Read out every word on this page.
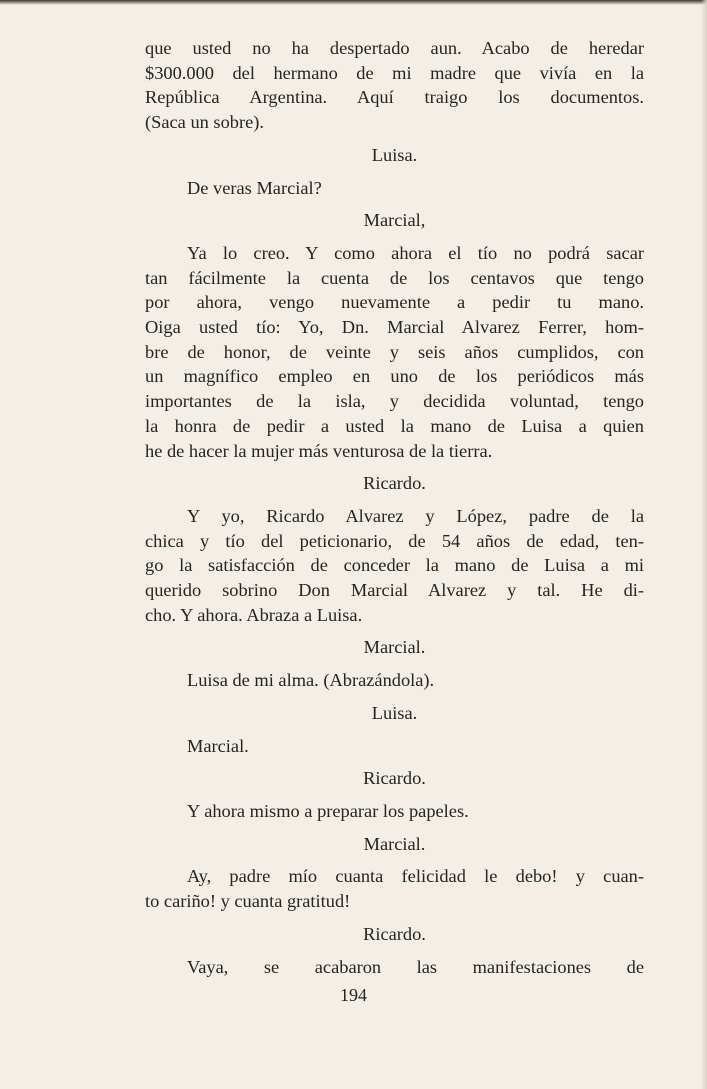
que usted no ha despertado aun. Acabo de heredar
$300.000 del hermano de mi madre que vivía en la
República Argentina. Aquí traigo los documentos.
(Saca un sobre).
Luisa.
De veras Marcial?
Marcial,
Ya lo creo. Y como ahora el tío no podrá sacar
tan fácilmente la cuenta de los centavos que tengo
por ahora, vengo nuevamente a pedir tu mano.
Oiga usted tío: Yo, Dn. Marcial Alvarez Ferrer, hom-
bre de honor, de veinte y seis años cumplidos, con
un magnífico empleo en uno de los periódicos más
importantes de la isla, y decidida voluntad, tengo
la honra de pedir a usted la mano de Luisa a quien
he de hacer la mujer más venturosa de la tierra.
Ricardo.
Y yo, Ricardo Alvarez y López, padre de la
chica y tío del peticionario, de 54 años de edad, ten-
go la satisfacción de conceder la mano de Luisa a mi
querido sobrino Don Marcial Alvarez y tal. He di-
cho. Y ahora. Abraza a Luisa.
Marcial.
Luisa de mi alma. (Abrazándola).
Luisa.
Marcial.
Ricardo.
Y ahora mismo a preparar los papeles.
Marcial.
Ay, padre mío cuanta felicidad le debo! y cuan-
to cariño! y cuanta gratitud!
Ricardo.
Vaya, se acabaron las manifestaciones de
194
